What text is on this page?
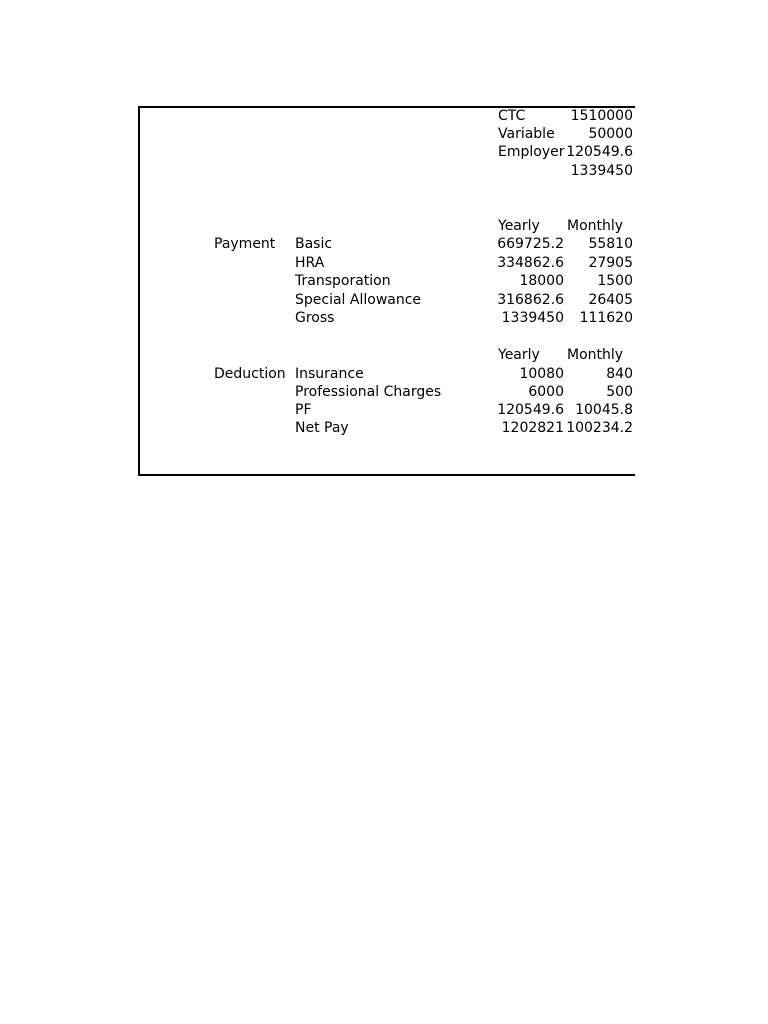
CTC	1510000
Variable	50000
Employer 120549.6
1339450
Yearly Monthly
Payment Basic	669725.2	55810
HRA	334862.6	27905
Transporation	18000	1500
Special Allowance	316862.6	26405
Gross	1339450	111620
Yearly Monthly
Deduction Insurance	10080	840
Professional Charges	6000	500
PF	120549.6 10045.8
Net Pay	1202821 100234.2
